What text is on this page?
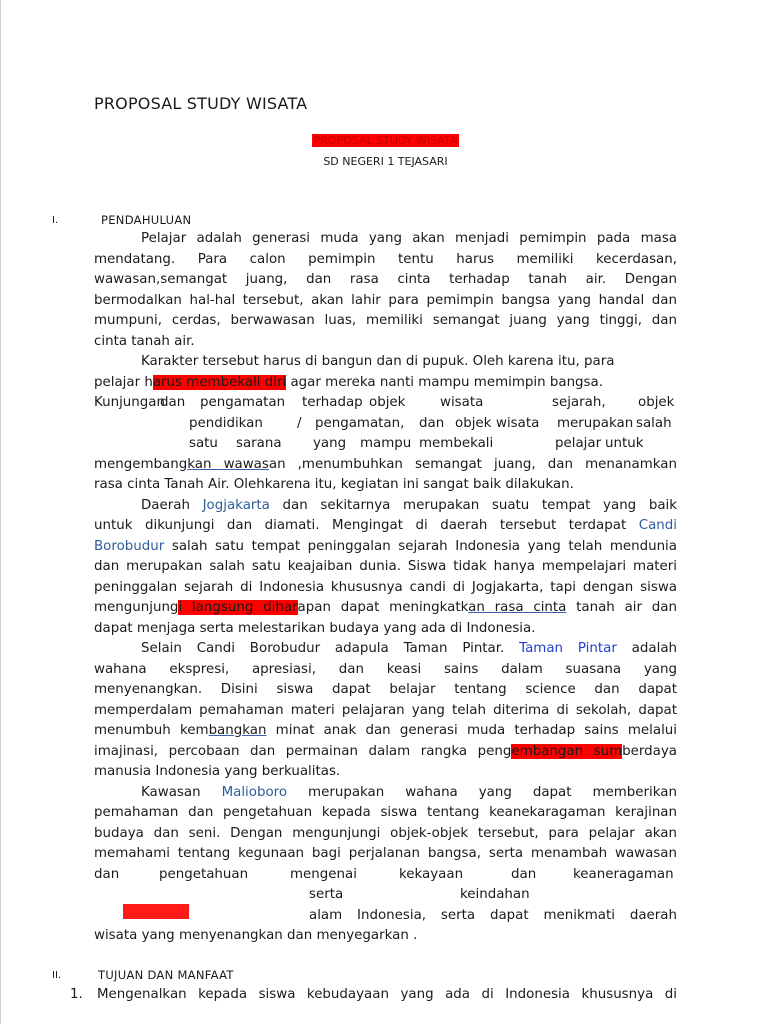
PROPOSAL STUDY WISATA
PROPOSAL STUDY WISATA
SD NEGERI 1 TEJASARI
I.	PENDAHULUAN
Pelajar adalah generasi muda yang akan menjadi pemimpin pada masa
mendatang. Para calon pemimpin tentu harus memiliki kecerdasan,
wawasan,semangat juang, dan rasa cinta terhadap tanah air. Dengan
bermodalkan hal-hal tersebut, akan lahir para pemimpin bangsa yang handal dan
mumpuni, cerdas, berwawasan luas, memiliki semangat juang yang tinggi, dan
cinta tanah air.
Karakter tersebut harus di bangun dan di pupuk. Oleh karena itu, para
pelajar harus membekali diri agar mereka nanti mampu memimpin bangsa.
Kunjungan
dan pengamatan terhadap objek	wisata	sejarah, objek
pendidikan	/ pengamatan, dan objek wisata merupakan salah
satu sarana yang mampu membekali	pelajar untuk
mengembangkan wawasan ,menumbuhkan semangat juang, dan menanamkan
rasa cinta Tanah Air. Olehkarena itu, kegiatan ini sangat baik dilakukan.
Daerah Jogjakarta dan sekitarnya merupakan suatu tempat yang baik
untuk dikunjungi dan diamati. Mengingat di daerah tersebut terdapat Candi
Borobudur salah satu tempat peninggalan sejarah Indonesia yang telah mendunia
dan merupakan salah satu keajaiban dunia. Siswa tidak hanya mempelajari materi
peninggalan sejarah di Indonesia khususnya candi di Jogjakarta, tapi dengan siswa
mengunjungi langsung diharapan dapat meningkatkan rasa cinta tanah air dan
dapat menjaga serta melestarikan budaya yang ada di Indonesia.
Selain Candi Borobudur adapula Taman Pintar. Taman Pintar adalah
wahana ekspresi, apresiasi, dan keasi sains dalam suasana yang
menyenangkan. Disini siswa dapat belajar tentang science dan dapat
memperdalam pemahaman materi pelajaran yang telah diterima di sekolah, dapat
menumbuh kembangkan minat anak dan generasi muda terhadap sains melalui
imajinasi, percobaan dan permainan dalam rangka pengembangan sumberdaya
manusia Indonesia yang berkualitas.
Kawasan Malioboro merupakan wahana yang dapat memberikan
pemahaman dan pengetahuan kepada siswa tentang keanekaragaman kerajinan
budaya dan seni. Dengan mengunjungi objek-objek tersebut, para pelajar akan
memahami tentang kegunaan bagi perjalanan bangsa, serta menambah wawasan
dan	pengetahuan	mengenai	kekayaan	dan	keaneragaman
serta	keindahan
alam Indonesia, serta dapat menikmati daerah
wisata yang menyenangkan dan menyegarkan .
II.	TUJUAN DAN MANFAAT
1. Mengenalkan kepada siswa kebudayaan yang ada di Indonesia khususnya di
